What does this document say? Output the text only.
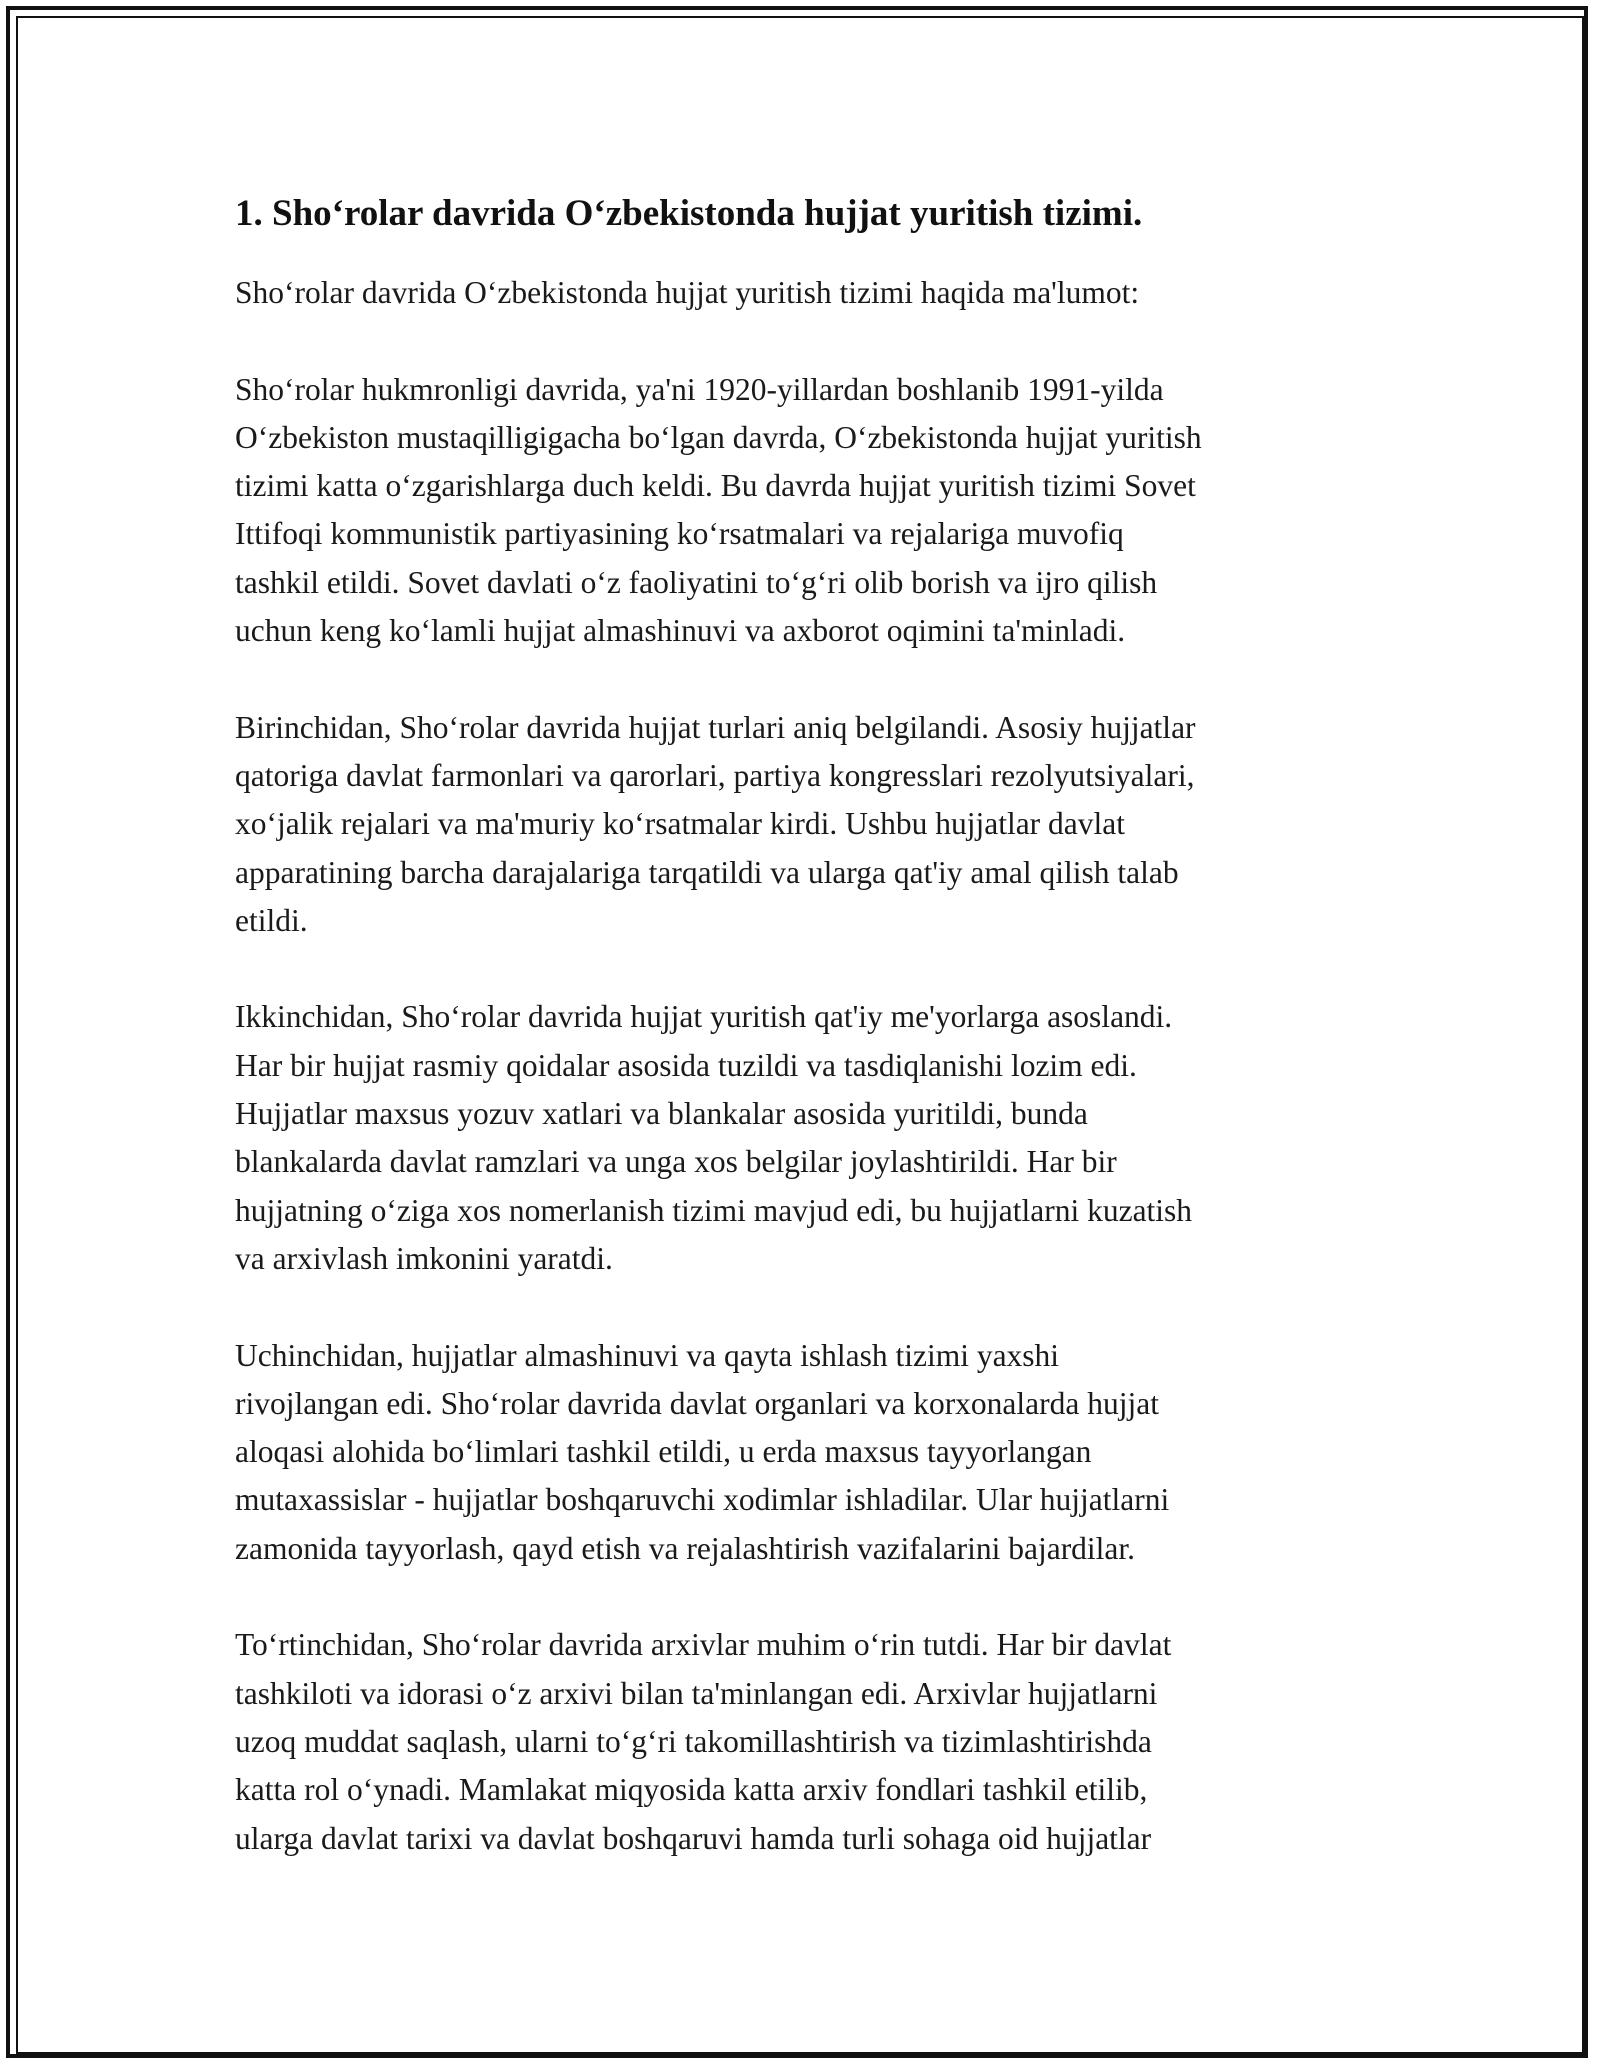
1. Sho‘rolar davrida O‘zbekistonda hujjat yuritish tizimi.

Sho‘rolar davrida O‘zbekistonda hujjat yuritish tizimi haqida ma'lumot:

Sho‘rolar hukmronligi davrida, ya'ni 1920-yillardan boshlanib 1991-yilda
O‘zbekiston mustaqilligigacha bo‘lgan davrda, O‘zbekistonda hujjat yuritish
tizimi katta o‘zgarishlarga duch keldi. Bu davrda hujjat yuritish tizimi Sovet
Ittifoqi kommunistik partiyasining ko‘rsatmalari va rejalariga muvofiq
tashkil etildi. Sovet davlati o‘z faoliyatini to‘g‘ri olib borish va ijro qilish
uchun keng ko‘lamli hujjat almashinuvi va axborot oqimini ta'minladi.

Birinchidan, Sho‘rolar davrida hujjat turlari aniq belgilandi. Asosiy hujjatlar
qatoriga davlat farmonlari va qarorlari, partiya kongresslari rezolyutsiyalari,
xo‘jalik rejalari va ma'muriy ko‘rsatmalar kirdi. Ushbu hujjatlar davlat
apparatining barcha darajalariga tarqatildi va ularga qat'iy amal qilish talab
etildi.

Ikkinchidan, Sho‘rolar davrida hujjat yuritish qat'iy me'yorlarga asoslandi.
Har bir hujjat rasmiy qoidalar asosida tuzildi va tasdiqlanishi lozim edi.
Hujjatlar maxsus yozuv xatlari va blankalar asosida yuritildi, bunda
blankalarda davlat ramzlari va unga xos belgilar joylashtirildi. Har bir
hujjatning o‘ziga xos nomerlanish tizimi mavjud edi, bu hujjatlarni kuzatish
va arxivlash imkonini yaratdi.

Uchinchidan, hujjatlar almashinuvi va qayta ishlash tizimi yaxshi
rivojlangan edi. Sho‘rolar davrida davlat organlari va korxonalarda hujjat
aloqasi alohida bo‘limlari tashkil etildi, u erda maxsus tayyorlangan
mutaxassislar - hujjatlar boshqaruvchi xodimlar ishladilar. Ular hujjatlarni
zamonida tayyorlash, qayd etish va rejalashtirish vazifalarini bajardilar.

To‘rtinchidan, Sho‘rolar davrida arxivlar muhim o‘rin tutdi. Har bir davlat
tashkiloti va idorasi o‘z arxivi bilan ta'minlangan edi. Arxivlar hujjatlarni
uzoq muddat saqlash, ularni to‘g‘ri takomillashtirish va tizimlashtirishda
katta rol o‘ynadi. Mamlakat miqyosida katta arxiv fondlari tashkil etilib,
ularga davlat tarixi va davlat boshqaruvi hamda turli sohaga oid hujjatlar
